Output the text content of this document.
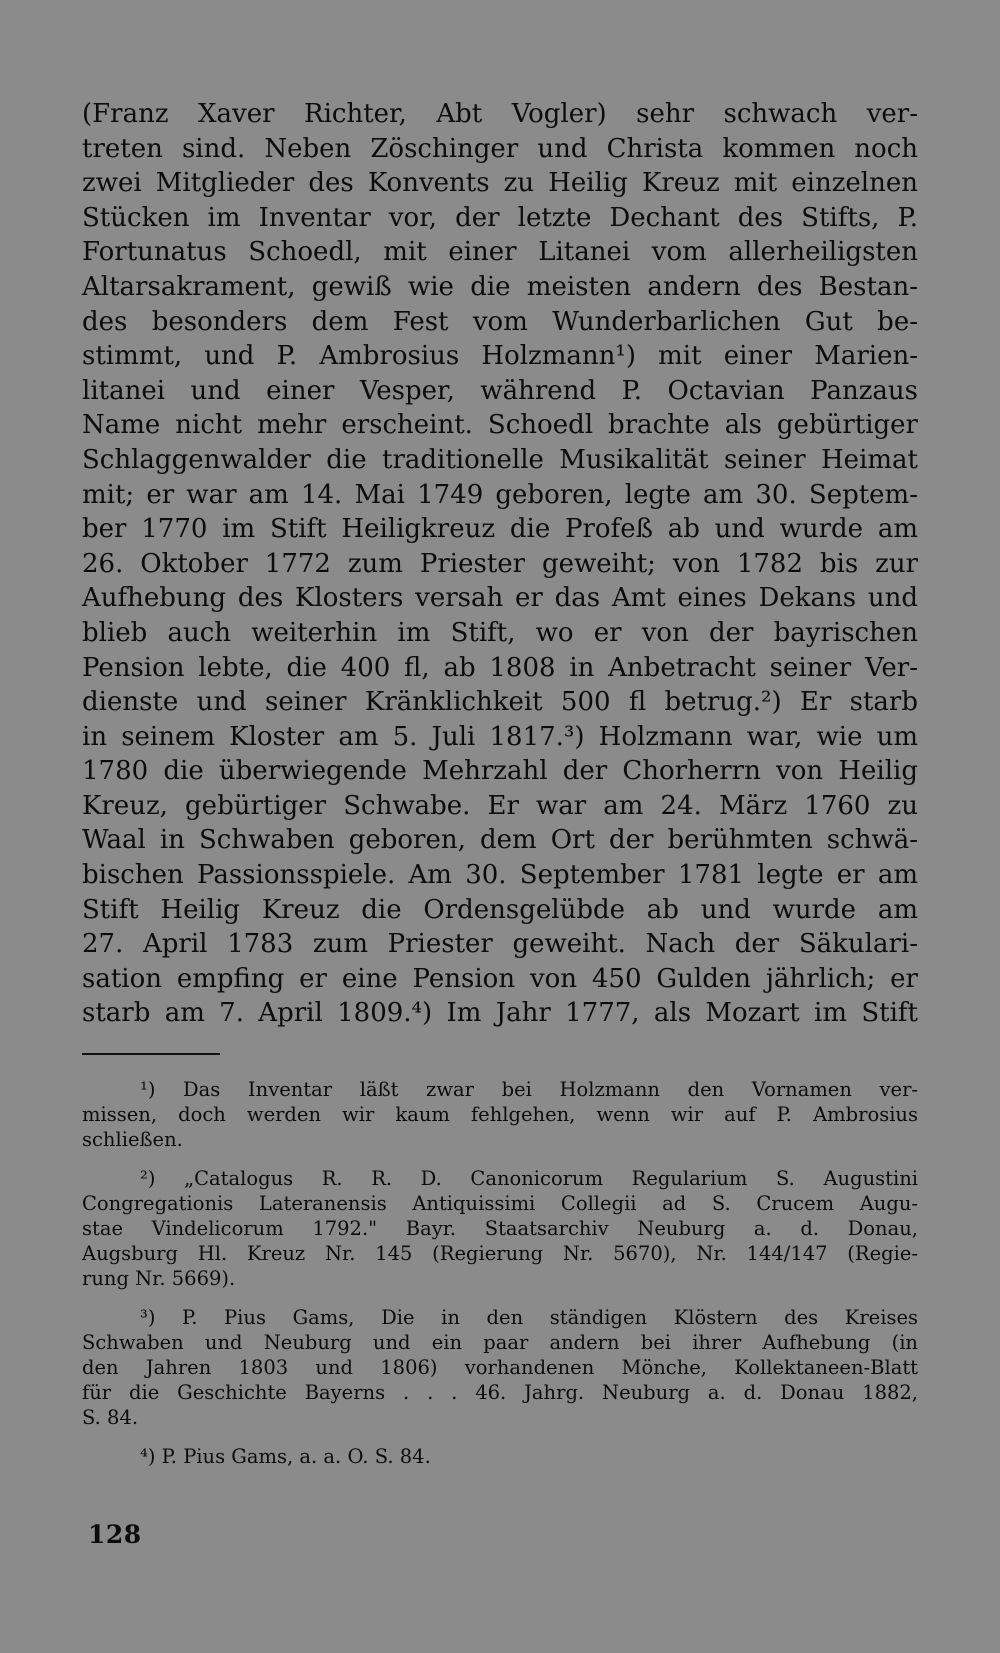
(Franz Xaver Richter, Abt Vogler) sehr schwach ver-
treten sind. Neben Zöschinger und Christa kommen noch
zwei Mitglieder des Konvents zu Heilig Kreuz mit einzelnen
Stücken im Inventar vor, der letzte Dechant des Stifts, P.
Fortunatus Schoedl, mit einer Litanei vom allerheiligsten
Altarsakrament, gewiß wie die meisten andern des Bestan-
des besonders dem Fest vom Wunderbarlichen Gut be-
stimmt, und P. Ambrosius Holzmann¹) mit einer Marien-
litanei und einer Vesper, während P. Octavian Panzaus
Name nicht mehr erscheint. Schoedl brachte als gebürtiger
Schlaggenwalder die traditionelle Musikalität seiner Heimat
mit; er war am 14. Mai 1749 geboren, legte am 30. Septem-
ber 1770 im Stift Heiligkreuz die Profeß ab und wurde am
26. Oktober 1772 zum Priester geweiht; von 1782 bis zur
Aufhebung des Klosters versah er das Amt eines Dekans und
blieb auch weiterhin im Stift, wo er von der bayrischen
Pension lebte, die 400 fl, ab 1808 in Anbetracht seiner Ver-
dienste und seiner Kränklichkeit 500 fl betrug.²) Er starb
in seinem Kloster am 5. Juli 1817.³) Holzmann war, wie um
1780 die überwiegende Mehrzahl der Chorherrn von Heilig
Kreuz, gebürtiger Schwabe. Er war am 24. März 1760 zu
Waal in Schwaben geboren, dem Ort der berühmten schwä-
bischen Passionsspiele. Am 30. September 1781 legte er am
Stift Heilig Kreuz die Ordensgelübde ab und wurde am
27. April 1783 zum Priester geweiht. Nach der Säkulari-
sation empfing er eine Pension von 450 Gulden jährlich; er
starb am 7. April 1809.⁴) Im Jahr 1777, als Mozart im Stift
¹) Das Inventar läßt zwar bei Holzmann den Vornamen ver-
missen, doch werden wir kaum fehlgehen, wenn wir auf P. Ambrosius
schließen.
²) „Catalogus R. R. D. Canonicorum Regularium S. Augustini
Congregationis Lateranensis Antiquissimi Collegii ad S. Crucem Augu-
stae Vindelicorum 1792." Bayr. Staatsarchiv Neuburg a. d. Donau,
Augsburg Hl. Kreuz Nr. 145 (Regierung Nr. 5670), Nr. 144/147 (Regie-
rung Nr. 5669).
³) P. Pius Gams, Die in den ständigen Klöstern des Kreises
Schwaben und Neuburg und ein paar andern bei ihrer Aufhebung (in
den Jahren 1803 und 1806) vorhandenen Mönche, Kollektaneen-Blatt
für die Geschichte Bayerns . . . 46. Jahrg. Neuburg a. d. Donau 1882,
S. 84.
⁴) P. Pius Gams, a. a. O. S. 84.
128
